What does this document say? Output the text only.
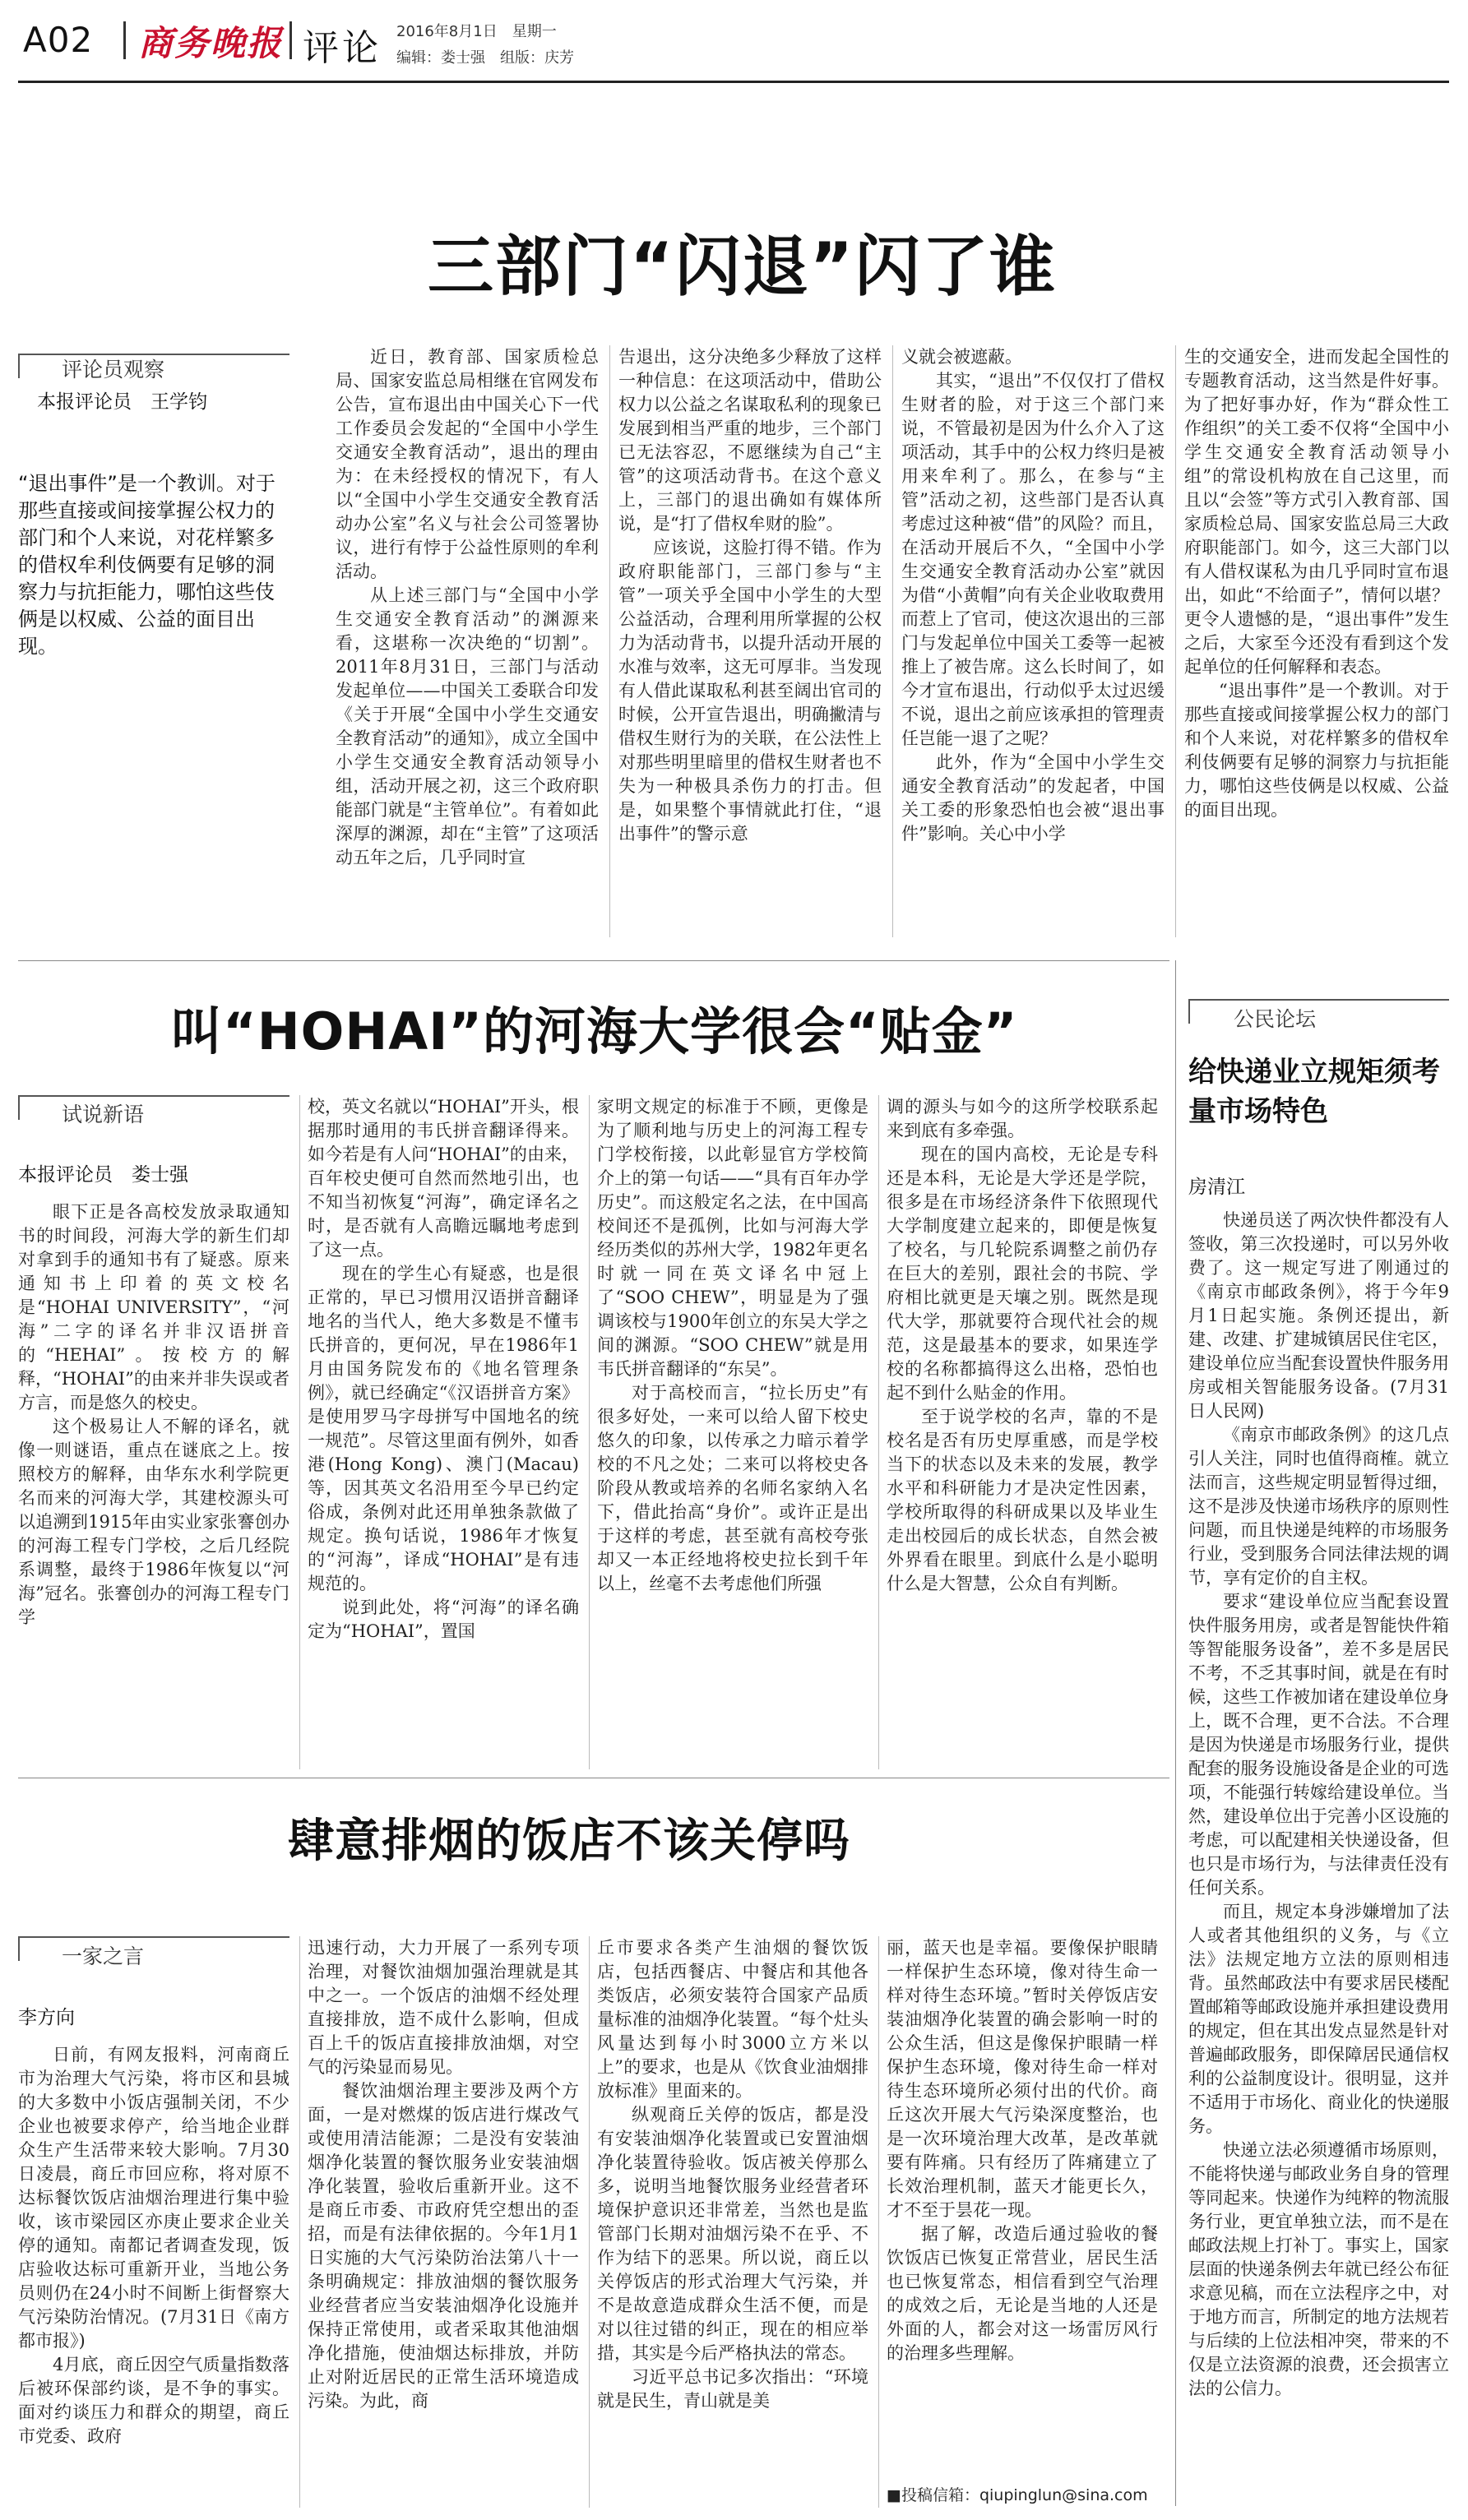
A02 商务晚报 评论 2016年8月1日　星期一
编辑：娄士强　组版：庆芳
三部门“闪退”闪了谁
评论员观察
本报评论员　王学钧
“退出事件”是一个教训。对于那些直接或间接掌握公权力的部门和个人来说，对花样繁多的借权牟利伎俩要有足够的洞察力与抗拒能力，哪怕这些伎俩是以权威、公益的面目出现。

近日，教育部、国家质检总局、国家安监总局相继在官网发布公告，宣布退出由中国关心下一代工作委员会发起的“全国中小学生交通安全教育活动”，退出的理由为：在未经授权的情况下，有人以“全国中小学生交通安全教育活动办公室”名义与社会公司签署协议，进行有悖于公益性原则的牟利活动。

从上述三部门与“全国中小学生交通安全教育活动”的渊源来看，这堪称一次决绝的“切割”。2011年8月31日，三部门与活动发起单位——中国关工委联合印发《关于开展“全国中小学生交通安全教育活动”的通知》，成立全国中小学生交通安全教育活动领导小组，活动开展之初，这三个政府职能部门就是“主管单位”。有着如此深厚的渊源，却在“主管”了这项活动五年之后，几乎同时宣

告退出，这分决绝多少释放了这样一种信息：在这项活动中，借助公权力以公益之名谋取私利的现象已发展到相当严重的地步，三个部门已无法容忍，不愿继续为自己“主管”的这项活动背书。在这个意义上，三部门的退出确如有媒体所说，是“打了借权牟财的脸”。

应该说，这脸打得不错。作为政府职能部门，三部门参与“主管”一项关乎全国中小学生的大型公益活动，合理利用所掌握的公权力为活动背书，以提升活动开展的水准与效率，这无可厚非。当发现有人借此谋取私利甚至阔出官司的时候，公开宣告退出，明确撇清与借权生财行为的关联，在公法性上对那些明里暗里的借权生财者也不失为一种极具杀伤力的打击。但是，如果整个事情就此打住，“退出事件”的警示意

义就会被遮蔽。

其实，“退出”不仅仅打了借权生财者的脸，对于这三个部门来说，不管最初是因为什么介入了这项活动，其手中的公权力终归是被用来牟利了。那么，在参与“主管”活动之初，这些部门是否认真考虑过这种被“借”的风险？而且，在活动开展后不久，“全国中小学生交通安全教育活动办公室”就因为借“小黄帽”向有关企业收取费用而惹上了官司，使这次退出的三部门与发起单位中国关工委等一起被推上了被告席。这么长时间了，如今才宣布退出，行动似乎太过迟缓不说，退出之前应该承担的管理责任岂能一退了之呢？

此外，作为“全国中小学生交通安全教育活动”的发起者，中国关工委的形象恐怕也会被“退出事件”影响。关心中小学

生的交通安全，进而发起全国性的专题教育活动，这当然是件好事。为了把好事办好，作为“群众性工作组织”的关工委不仅将“全国中小学生交通安全教育活动领导小组”的常设机构放在自己这里，而且以“会签”等方式引入教育部、国家质检总局、国家安监总局三大政府职能部门。如今，这三大部门以有人借权谋私为由几乎同时宣布退出，如此“不给面子”，情何以堪？更令人遗憾的是，“退出事件”发生之后，大家至今还没有看到这个发起单位的任何解释和表态。

“退出事件”是一个教训。对于那些直接或间接掌握公权力的部门和个人来说，对花样繁多的借权牟利伎俩要有足够的洞察力与抗拒能力，哪怕这些伎俩是以权威、公益的面目出现。

叫“HOHAI”的河海大学很会“贴金”
试说新语
本报评论员　娄士强

眼下正是各高校发放录取通知书的时间段，河海大学的新生们却对拿到手的通知书有了疑惑。原来通知书上印着的英文校名是“HOHAI UNIVERSITY”，“河海”二字的译名并非汉语拼音的“HEHAI”。按校方的解释，“HOHAI”的由来并非失误或者方言，而是悠久的校史。

这个极易让人不解的译名，就像一则谜语，重点在谜底之上。按照校方的解释，由华东水利学院更名而来的河海大学，其建校源头可以追溯到1915年由实业家张謇创办的河海工程专门学校，之后几经院系调整，最终于1986年恢复以“河海”冠名。张謇创办的河海工程专门学

校，英文名就以“HOHAI”开头，根据那时通用的韦氏拼音翻译得来。如今若是有人问“HOHAI”的由来，百年校史便可自然而然地引出，也不知当初恢复“河海”，确定译名之时，是否就有人高瞻远瞩地考虑到了这一点。

现在的学生心有疑惑，也是很正常的，早已习惯用汉语拼音翻译地名的当代人，绝大多数是不懂韦氏拼音的，更何况，早在1986年1月由国务院发布的《地名管理条例》，就已经确定“《汉语拼音方案》是使用罗马字母拼写中国地名的统一规范”。尽管这里面有例外，如香港(Hong Kong)、澳门(Macau)等，因其英文名沿用至今早已约定俗成，条例对此还用单独条款做了规定。换句话说，1986年才恢复的“河海”，译成“HOHAI”是有违规范的。

说到此处，将“河海”的译名确定为“HOHAI”，置国

家明文规定的标准于不顾，更像是为了顺利地与历史上的河海工程专门学校衔接，以此彰显官方学校简介上的第一句话——“具有百年办学历史”。而这般定名之法，在中国高校间还不是孤例，比如与河海大学经历类似的苏州大学，1982年更名时就一同在英文译名中冠上了“SOO CHEW”，明显是为了强调该校与1900年创立的东吴大学之间的渊源。“SOO CHEW”就是用韦氏拼音翻译的“东吴”。

对于高校而言，“拉长历史”有很多好处，一来可以给人留下校史悠久的印象，以传承之力暗示着学校的不凡之处；二来可以将校史各阶段从教或培养的名师名家纳入名下，借此抬高“身价”。或许正是出于这样的考虑，甚至就有高校夸张却又一本正经地将校史拉长到千年以上，丝毫不去考虑他们所强

调的源头与如今的这所学校联系起来到底有多牵强。

现在的国内高校，无论是专科还是本科，无论是大学还是学院，很多是在市场经济条件下依照现代大学制度建立起来的，即便是恢复了校名，与几轮院系调整之前仍存在巨大的差别，跟社会的书院、学府相比就更是天壤之别。既然是现代大学，那就要符合现代社会的规范，这是最基本的要求，如果连学校的名称都搞得这么出格，恐怕也起不到什么贴金的作用。

至于说学校的名声，靠的不是校名是否有历史厚重感，而是学校当下的状态以及未来的发展，教学水平和科研能力才是决定性因素，学校所取得的科研成果以及毕业生走出校园后的成长状态，自然会被外界看在眼里。到底什么是小聪明什么是大智慧，公众自有判断。

肆意排烟的饭店不该关停吗
一家之言
李方向

日前，有网友报料，河南商丘市为治理大气污染，将市区和县城的大多数中小饭店强制关闭，不少企业也被要求停产，给当地企业群众生产生活带来较大影响。7月30日凌晨，商丘市回应称，将对原不达标餐饮饭店油烟治理进行集中验收，该市梁园区亦庚止要求企业关停的通知。南都记者调查发现，饭店验收达标可重新开业，当地公务员则仍在24小时不间断上街督察大气污染防治情况。(7月31日《南方都市报》)

4月底，商丘因空气质量指数落后被环保部约谈，是不争的事实。面对约谈压力和群众的期望，商丘市党委、政府

迅速行动，大力开展了一系列专项治理，对餐饮油烟加强治理就是其中之一。一个饭店的油烟不经处理直接排放，造不成什么影响，但成百上千的饭店直接排放油烟，对空气的污染显而易见。

餐饮油烟治理主要涉及两个方面，一是对燃煤的饭店进行煤改气或使用清洁能源；二是没有安装油烟净化装置的餐饮服务业安装油烟净化装置，验收后重新开业。这不是商丘市委、市政府凭空想出的歪招，而是有法律依据的。今年1月1日实施的大气污染防治法第八十一条明确规定：排放油烟的餐饮服务业经营者应当安装油烟净化设施并保持正常使用，或者采取其他油烟净化措施，使油烟达标排放，并防止对附近居民的正常生活环境造成污染。为此，商

丘市要求各类产生油烟的餐饮饭店，包括西餐店、中餐店和其他各类饭店，必须安装符合国家产品质量标准的油烟净化装置。“每个灶头风量达到每小时3000立方米以上”的要求，也是从《饮食业油烟排放标准》里面来的。

纵观商丘关停的饭店，都是没有安装油烟净化装置或已安置油烟净化装置待验收。饭店被关停那么多，说明当地餐饮服务业经营者环境保护意识还非常差，当然也是监管部门长期对油烟污染不在乎、不作为结下的恶果。所以说，商丘以关停饭店的形式治理大气污染，并不是故意造成群众生活不便，而是对以往过错的纠正，现在的相应举措，其实是今后严格执法的常态。

习近平总书记多次指出：“环境就是民生，青山就是美

丽，蓝天也是幸福。要像保护眼睛一样保护生态环境，像对待生命一样对待生态环境。”暂时关停饭店安装油烟净化装置的确会影响一时的公众生活，但这是像保护眼睛一样保护生态环境，像对待生命一样对待生态环境所必须付出的代价。商丘这次开展大气污染深度整治，也是一次环境治理大改革，是改革就要有阵痛。只有经历了阵痛建立了长效治理机制，蓝天才能更长久，才不至于昙花一现。

据了解，改造后通过验收的餐饮饭店已恢复正常营业，居民生活也已恢复常态，相信看到空气治理的成效之后，无论是当地的人还是外面的人，都会对这一场雷厉风行的治理多些理解。

■投稿信箱：qiupinglun@sina.com
公民论坛
给快递业立规矩须考量市场特色
房清江

快递员送了两次快件都没有人签收，第三次投递时，可以另外收费了。这一规定写进了刚通过的《南京市邮政条例》，将于今年9月1日起实施。条例还提出，新建、改建、扩建城镇居民住宅区，建设单位应当配套设置快件服务用房或相关智能服务设备。(7月31日人民网)

《南京市邮政条例》的这几点引人关注，同时也值得商榷。就立法而言，这些规定明显暂得过细，这不是涉及快递市场秩序的原则性问题，而且快递是纯粹的市场服务行业，受到服务合同法律法规的调节，享有定价的自主权。

要求“建设单位应当配套设置快件服务用房，或者是智能快件箱等智能服务设备”，差不多是居民不考，不乏其事时间，就是在有时候，这些工作被加诸在建设单位身上，既不合理，更不合法。不合理是因为快递是市场服务行业，提供配套的服务设施设备是企业的可选项，不能强行转嫁给建设单位。当然，建设单位出于完善小区设施的考虑，可以配建相关快递设备，但也只是市场行为，与法律责任没有任何关系。

而且，规定本身涉嫌增加了法人或者其他组织的义务，与《立法》法规定地方立法的原则相违背。虽然邮政法中有要求居民楼配置邮箱等邮政设施并承担建设费用的规定，但在其出发点显然是针对普遍邮政服务，即保障居民通信权利的公益制度设计。很明显，这并不适用于市场化、商业化的快递服务。

快递立法必须遵循市场原则，不能将快递与邮政业务自身的管理等同起来。快递作为纯粹的物流服务行业，更宜单独立法，而不是在邮政法规上打补丁。事实上，国家层面的快递条例去年就已经公布征求意见稿，而在立法程序之中，对于地方而言，所制定的地方法规若与后续的上位法相冲突，带来的不仅是立法资源的浪费，还会损害立法的公信力。
